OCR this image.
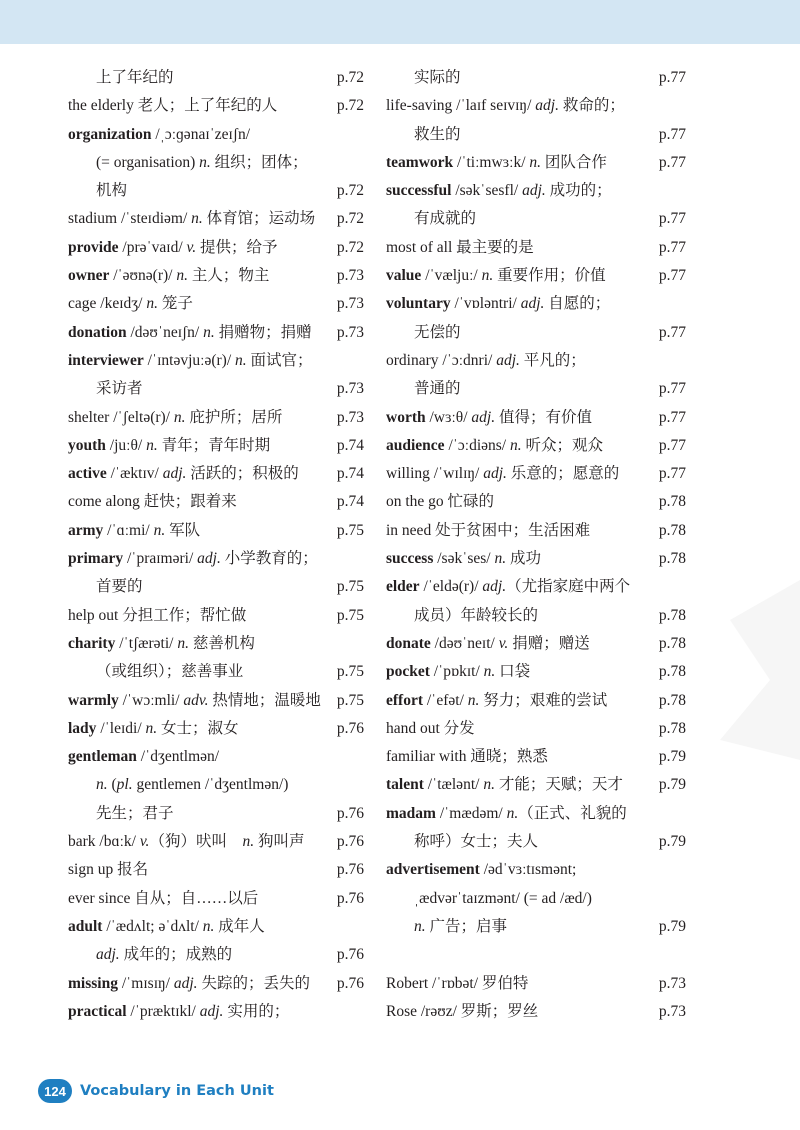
上了年纪的	p.72
the elderly 老人；上了年纪的人	p.72
organization /ˌɔːɡənaɪˈzeɪʃn/
(= organisation) n. 组织；团体；
机构	p.72
stadium /ˈsteɪdiəm/ n. 体育馆；运动场	p.72
provide /prəˈvaɪd/ v. 提供；给予	p.72
owner /ˈəʊnə(r)/ n. 主人；物主	p.73
cage /keɪdʒ/ n. 笼子	p.73
donation /dəʊˈneɪʃn/ n. 捐赠物；捐赠	p.73
interviewer /ˈɪntəvjuːə(r)/ n. 面试官；
采访者	p.73
shelter /ˈʃeltə(r)/ n. 庇护所；居所	p.73
youth /juːθ/ n. 青年；青年时期	p.74
active /ˈæktɪv/ adj. 活跃的；积极的	p.74
come along 赶快；跟着来	p.74
army /ˈɑːmi/ n. 军队	p.75
primary /ˈpraɪməri/ adj. 小学教育的；
首要的	p.75
help out 分担工作；帮忙做	p.75
charity /ˈtʃærəti/ n. 慈善机构
（或组织）；慈善事业	p.75
warmly /ˈwɔːmli/ adv. 热情地；温暖地	p.75
lady /ˈleɪdi/ n. 女士；淑女	p.76
gentleman /ˈdʒentlmən/
n. (pl. gentlemen /ˈdʒentlmən/)
先生；君子	p.76
bark /bɑːk/ v.（狗）吠叫　n. 狗叫声	p.76
sign up 报名	p.76
ever since 自从；自……以后	p.76
adult /ˈædʌlt; əˈdʌlt/ n. 成年人
adj. 成年的；成熟的	p.76
missing /ˈmɪsɪŋ/ adj. 失踪的；丢失的	p.76
practical /ˈpræktɪkl/ adj. 实用的；
实际的	p.77
life-saving /ˈlaɪf seɪvɪŋ/ adj. 救命的；
救生的	p.77
teamwork /ˈtiːmwɜːk/ n. 团队合作	p.77
successful /səkˈsesfl/ adj. 成功的；
有成就的	p.77
most of all 最主要的是	p.77
value /ˈvæljuː/ n. 重要作用；价值	p.77
voluntary /ˈvɒləntri/ adj. 自愿的；
无偿的	p.77
ordinary /ˈɔːdnri/ adj. 平凡的；
普通的	p.77
worth /wɜːθ/ adj. 值得；有价值	p.77
audience /ˈɔːdiəns/ n. 听众；观众	p.77
willing /ˈwɪlɪŋ/ adj. 乐意的；愿意的	p.77
on the go 忙碌的	p.78
in need 处于贫困中；生活困难	p.78
success /səkˈses/ n. 成功	p.78
elder /ˈeldə(r)/ adj.（尤指家庭中两个
成员）年龄较长的	p.78
donate /dəʊˈneɪt/ v. 捐赠；赠送	p.78
pocket /ˈpɒkɪt/ n. 口袋	p.78
effort /ˈefət/ n. 努力；艰难的尝试	p.78
hand out 分发	p.78
familiar with 通晓；熟悉	p.79
talent /ˈtælənt/ n. 才能；天赋；天才	p.79
madam /ˈmædəm/ n.（正式、礼貌的
称呼）女士；夫人	p.79
advertisement /ədˈvɜːtɪsmənt;
ˌædvərˈtaɪzmənt/ (= ad /æd/)
n. 广告；启事	p.79
Robert /ˈrɒbət/ 罗伯特	p.73
Rose /rəʊz/ 罗斯；罗丝	p.73
124 Vocabulary in Each Unit
